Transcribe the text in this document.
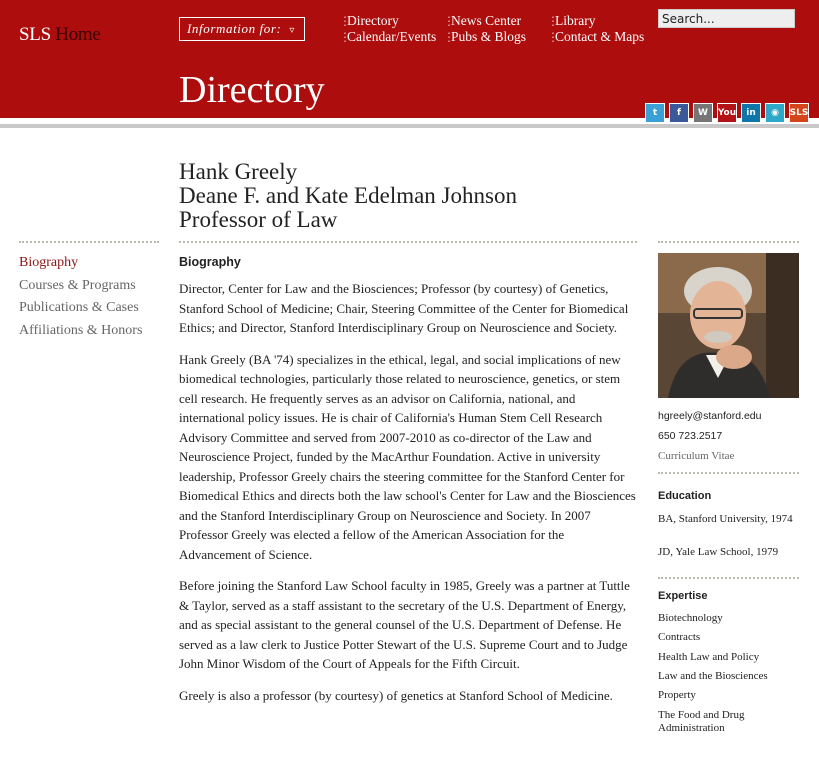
SLS Home	Information for: ▿
⋮ Directory
⋮ Calendar/Events
⋮ News Center
⋮ Pubs & Blogs
⋮ Library
⋮ Contact & Maps
Search...
Directory
t	f	W	You	in	◉	SLS
Hank Greely
Deane F. and Kate Edelman Johnson
Professor of Law
Biography
Courses & Programs
Publications & Cases
Affiliations & Honors
Biography

Director, Center for Law and the Biosciences; Professor (by courtesy) of Genetics, Stanford School of Medicine; Chair, Steering Committee of the Center for Biomedical Ethics; and Director, Stanford Interdisciplinary Group on Neuroscience and Society.

Hank Greely (BA '74) specializes in the ethical, legal, and social implications of new biomedical technologies, particularly those related to neuroscience, genetics, or stem cell research. He frequently serves as an advisor on California, national, and international policy issues. He is chair of California's Human Stem Cell Research Advisory Committee and served from 2007-2010 as co-director of the Law and Neuroscience Project, funded by the MacArthur Foundation. Active in university leadership, Professor Greely chairs the steering committee for the Stanford Center for Biomedical Ethics and directs both the law school's Center for Law and the Biosciences and the Stanford Interdisciplinary Group on Neuroscience and Society. In 2007 Professor Greely was elected a fellow of the American Association for the Advancement of Science.

Before joining the Stanford Law School faculty in 1985, Greely was a partner at Tuttle & Taylor, served as a staff assistant to the secretary of the U.S. Department of Energy, and as special assistant to the general counsel of the U.S. Department of Defense. He served as a law clerk to Justice Potter Stewart of the U.S. Supreme Court and to Judge John Minor Wisdom of the Court of Appeals for the Fifth Circuit.

Greely is also a professor (by courtesy) of genetics at Stanford School of Medicine.

hgreely@stanford.edu
650 723.2517
Curriculum Vitae
Education
BA, Stanford University, 1974
JD, Yale Law School, 1979
Expertise
Biotechnology
Contracts
Health Law and Policy
Law and the Biosciences
Property
The Food and Drug Administration
